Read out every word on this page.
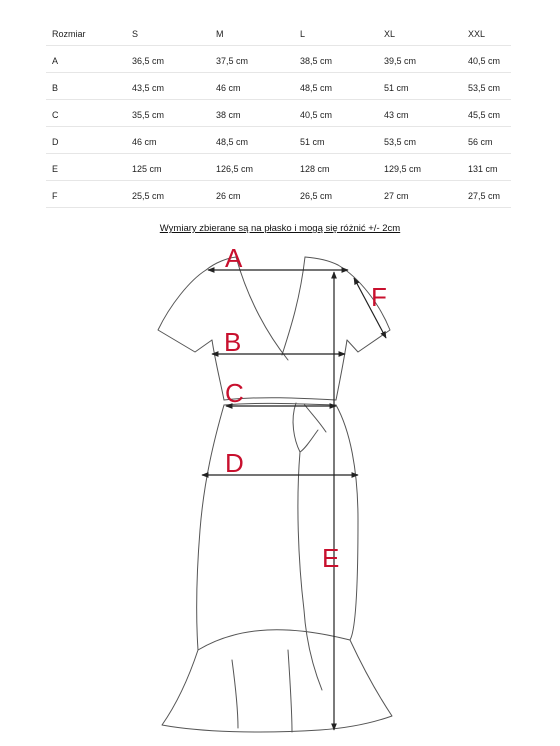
Rozmiar	S	M	L	XL	XXL
A	36,5 cm	37,5 cm	38,5 cm	39,5 cm	40,5 cm
B	43,5 cm	46 cm	48,5 cm	51 cm	53,5 cm
C	35,5 cm	38 cm	40,5 cm	43 cm	45,5 cm
D	46 cm	48,5 cm	51 cm	53,5 cm	56 cm
E	125 cm	126,5 cm	128 cm	129,5 cm	131 cm
F	25,5 cm	26 cm	26,5 cm	27 cm	27,5 cm
Wymiary zbierane są na płasko i mogą się różnić +/- 2cm
A
B
C
D
E
F
